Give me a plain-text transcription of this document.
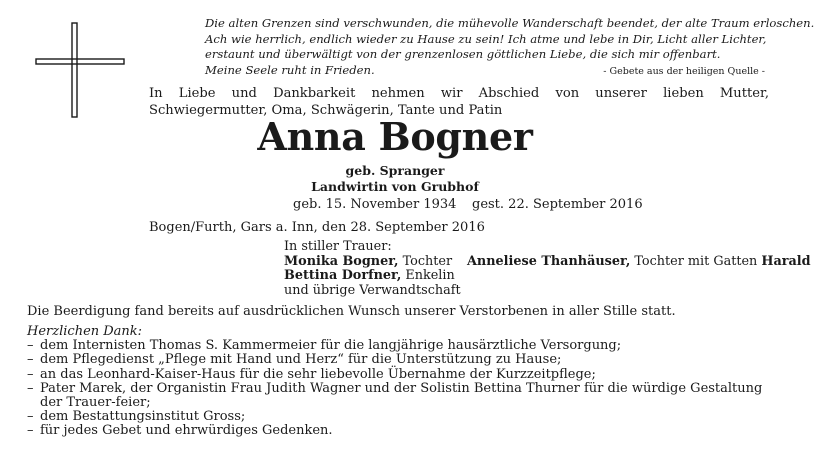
Die alten Grenzen sind verschwunden, die mühevolle Wanderschaft beendet, der alte Traum erloschen.
Ach wie herrlich, endlich wieder zu Hause zu sein! Ich atme und lebe in Dir, Licht aller Lichter,
erstaunt und überwältigt von der grenzenlosen göttlichen Liebe, die sich mir offenbart.
Meine Seele ruht in Frieden.	- Gebete aus der heiligen Quelle -
In Liebe und Dankbarkeit nehmen wir Abschied von unserer lieben Mutter, Schwiegermutter, Oma, Schwägerin, Tante und Patin
Anna Bogner
geb. Spranger
Landwirtin von Grubhof
geb. 15. November 1934 gest. 22. September 2016
Bogen/Furth, Gars a. Inn, den 28. September 2016
In stiller Trauer:
Monika Bogner, Tochter
Bettina Dorfner, Enkelin
und übrige Verwandtschaft
Anneliese Thanhäuser, Tochter mit Gatten Harald
Die Beerdigung fand bereits auf ausdrücklichen Wunsch unserer Verstorbenen in aller Stille statt.
Herzlichen Dank:
– dem Internisten Thomas S. Kammermeier für die langjährige hausärztliche Versorgung;
– dem Pflegedienst „Pflege mit Hand und Herz“ für die Unterstützung zu Hause;
– an das Leonhard-Kaiser-Haus für die sehr liebevolle Übernahme der Kurzzeitpflege;
– Pater Marek, der Organistin Frau Judith Wagner und der Solistin Bettina Thurner für die würdige Gestaltung der Trauer-feier;
– dem Bestattungsinstitut Gross;
– für jedes Gebet und ehrwürdiges Gedenken.
